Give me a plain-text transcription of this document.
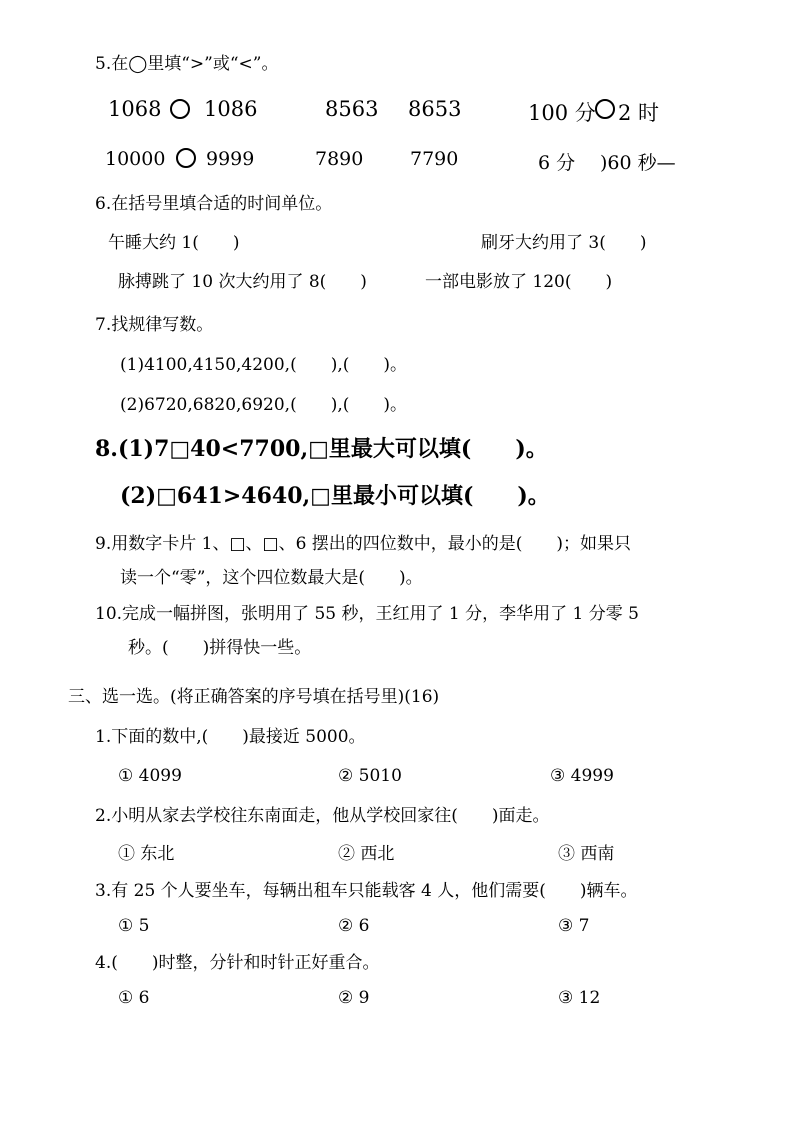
5.在◯里填“>”或“<”。
1068 1086	8563 8653	100 分 2 时
10000 9999	7890 7790	6 分 )60 秒—
6.在括号里填合适的时间单位。
午睡大约 1(　　)	刷牙大约用了 3(　　)
脉搏跳了 10 次大约用了 8(　　)	一部电影放了 120(　　)
7.找规律写数。
(1)4100,4150,4200,(　　),(　　)。
(2)6720,6820,6920,(　　),(　　)。
8.(1)7□40<7700,□里最大可以填(　　)。
(2)□641>4640,□里最小可以填(　　)。
9.用数字卡片 1、□、□、6 摆出的四位数中，最小的是(　　)；如果只
读一个“零”，这个四位数最大是(　　)。
10.完成一幅拼图，张明用了 55 秒，王红用了 1 分，李华用了 1 分零 5
秒。(　　)拼得快一些。
三、选一选。(将正确答案的序号填在括号里)(16)
1.下面的数中,(　　)最接近 5000。
① 4099	② 5010	③ 4999
2.小明从家去学校往东南面走，他从学校回家往(　　)面走。
① 东北	② 西北	③ 西南
3.有 25 个人要坐车，每辆出租车只能载客 4 人，他们需要(　　)辆车。
① 5	② 6	③ 7
4.(　　)时整，分针和时针正好重合。
① 6	② 9	③ 12
